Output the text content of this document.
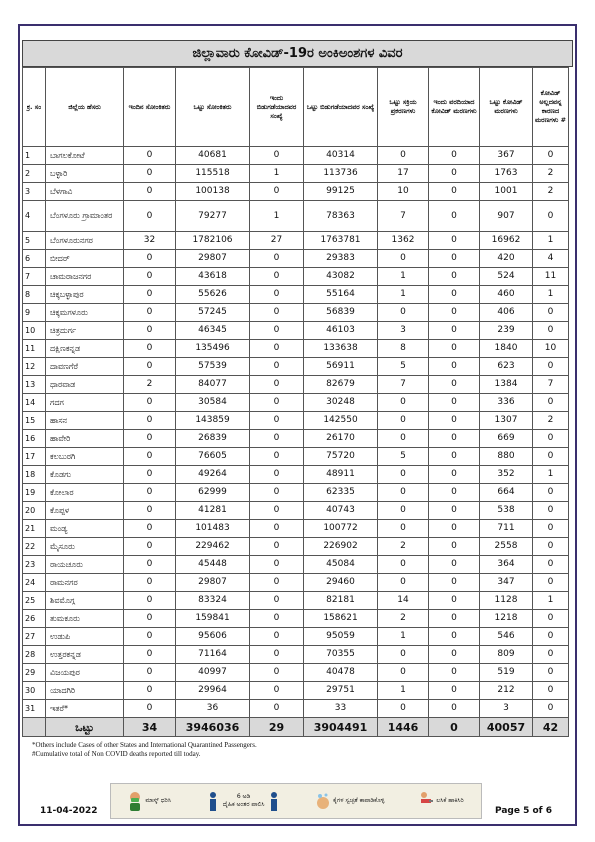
ಜಿಲ್ಲಾವಾರು ಕೋವಿಡ್-19ರ ಅಂಕಿಅಂಶಗಳ ವಿವರ
ಕ್ರ. ಸಂ	ಜಿಲ್ಲೆಯ ಹೆಸರು	ಇಂದಿನ ಸೋಂಕಿತರು	ಒಟ್ಟು ಸೋಂಕಿತರು	ಇಂದು ಬಿಡುಗಡೆಯಾದವರ ಸಂಖ್ಯೆ	ಒಟ್ಟು ಬಿಡುಗಡೆಯಾದವರ ಸಂಖ್ಯೆ	ಒಟ್ಟು ಸಕ್ರಿಯ ಪ್ರಕರಣಗಳು	ಇಂದು ವರದಿಯಾದ ಕೋವಿಡ್ ಮರಣಗಳು	ಒಟ್ಟು ಕೋವಿಡ್ ಮರಣಗಳು	ಕೋವಿಡ್ ಅಲ್ಲದವನ್ನ ಕಾರಣದ ಮರಣಗಳು #
1	ಬಾಗಲಕೋಟೆ	0	40681	0	40314	0	0	367	0
2	ಬಳ್ಳಾರಿ	0	115518	1	113736	17	0	1763	2
3	ಬೆಳಗಾವಿ	0	100138	0	99125	10	0	1001	2
4	ಬೆಂಗಳೂರು ಗ್ರಾಮಾಂತರ	0	79277	1	78363	7	0	907	0
5	ಬೆಂಗಳೂರುನಗರ	32	1782106	27	1763781	1362	0	16962	1
6	ಬೀದರ್	0	29807	0	29383	0	0	420	4
7	ಚಾಮರಾಜನಗರ	0	43618	0	43082	1	0	524	11
8	ಚಿಕ್ಕಬಳ್ಳಾಪುರ	0	55626	0	55164	1	0	460	1
9	ಚಿಕ್ಕಮಗಳೂರು	0	57245	0	56839	0	0	406	0
10	ಚಿತ್ರದುರ್ಗ	0	46345	0	46103	3	0	239	0
11	ದಕ್ಷಿಣಕನ್ನಡ	0	135496	0	133638	8	0	1840	10
12	ದಾವಣಗೆರೆ	0	57539	0	56911	5	0	623	0
13	ಧಾರವಾಡ	2	84077	0	82679	7	0	1384	7
14	ಗದಗ	0	30584	0	30248	0	0	336	0
15	ಹಾಸನ	0	143859	0	142550	0	0	1307	2
16	ಹಾವೇರಿ	0	26839	0	26170	0	0	669	0
17	ಕಲಬುರಗಿ	0	76605	0	75720	5	0	880	0
18	ಕೊಡಗು	0	49264	0	48911	0	0	352	1
19	ಕೋಲಾರ	0	62999	0	62335	0	0	664	0
20	ಕೊಪ್ಪಳ	0	41281	0	40743	0	0	538	0
21	ಮಂಡ್ಯ	0	101483	0	100772	0	0	711	0
22	ಮೈಸೂರು	0	229462	0	226902	2	0	2558	0
23	ರಾಯಚೂರು	0	45448	0	45084	0	0	364	0
24	ರಾಮನಗರ	0	29807	0	29460	0	0	347	0
25	ಶಿವಮೊಗ್ಗ	0	83324	0	82181	14	0	1128	1
26	ತುಮಕೂರು	0	159841	0	158621	2	0	1218	0
27	ಉಡುಪಿ	0	95606	0	95059	1	0	546	0
28	ಉತ್ತರಕನ್ನಡ	0	71164	0	70355	0	0	809	0
29	ವಿಜಯಪುರ	0	40997	0	40478	0	0	519	0
30	ಯಾದಗಿರಿ	0	29964	0	29751	1	0	212	0
31	ಇತರೆ*	0	36	0	33	0	0	3	0
	ಒಟ್ಟು	34	3946036	29	3904491	1446	0	40057	42
*Others include Cases of other States and International Quarantined Passengers.
#Cumulative total of Non COVID deaths reported till today.
ಮಾಸ್ಕ್ ಧರಿಸಿ
6 ಅಡಿ
ದೈಹಿಕ ಅಂತರ ಪಾಲಿಸಿ
ಕೈಗಳ ಸ್ವಚ್ಛತೆ ಕಾಪಾಡಿಕೊಳ್ಳಿ	ಲಸಿಕೆ ಹಾಕಿಸಿರಿ
11-04-2022	Page 5 of 6
